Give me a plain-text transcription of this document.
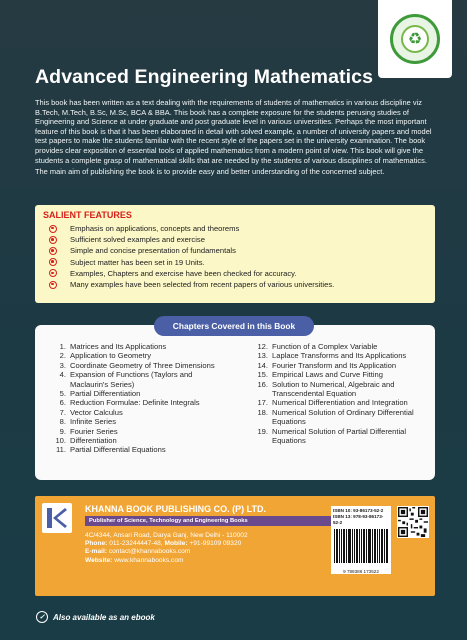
♻
Advanced Engineering Mathematics

This book has been written as a text dealing with the requirements of students of mathematics in various discipline viz B.Tech, M.Tech, B.Sc, M.Sc, BCA & BBA. This book has a complete exposure for the students perusing studies of Engineering and Science at under graduate and post graduate level in various universities. Perhaps the most important feature of this book is that it has been elaborated in detail with solved example, a number of university papers and model test papers to make the students familiar with the recent style of the papers set in the university examination. The book provides clear exposition of essential tools of applied mathematics from a modern point of view. This book will give the students a complete grasp of mathematical skills that are needed by the students of various disciplines of mathematics.

The main aim of publishing the book is to provide easy and better understanding of the concerned subject.

SALIENT FEATURES
Emphasis on applications, concepts and theorems
Sufficient solved examples and exercise
Simple and concise presentation of fundamentals
Subject matter has been set in 19 Units.
Examples, Chapters and exercise have been checked for accuracy.
Many examples have been selected from recent papers of various universities.
Chapters Covered in this Book
1. Matrices and Its Applications
2. Application to Geometry
3. Coordinate Geometry of Three Dimensions
4. Expansion of Functions (Taylors and Maclaurin's Series)
5. Partial Differentiation
6. Reduction Formulae: Definite Integrals
7. Vector Calculus
8. Infinite Series
9. Fourier Series
10. Differentiation
11. Partial Differential Equations
12. Function of a Complex Variable
13. Laplace Transforms and Its Applications
14. Fourier Transform and Its Application
15. Empirical Laws and Curve Fitting
16. Solution to Numerical, Algebraic and Transcendental Equation
17. Numerical Differentiation and Integration
18. Numerical Solution of Ordinary Differential Equations
19. Numerical Solution of Partial Differential Equations
KHANNA BOOK PUBLISHING CO. (P) LTD.
Publisher of Science, Technology and Engineering Books
4C/4344, Ansari Road, Darya Ganj, New Delhi - 110002
Phone: 011-23244447-48, Mobile: +91-99109 09320
E-mail: contact@khannabooks.com
Website: www.khannabooks.com
ISBN 10: 93-86173-52-2
ISBN 13: 978-93-86173-52-2
9 789386 173522
✓	Also available as an ebook
